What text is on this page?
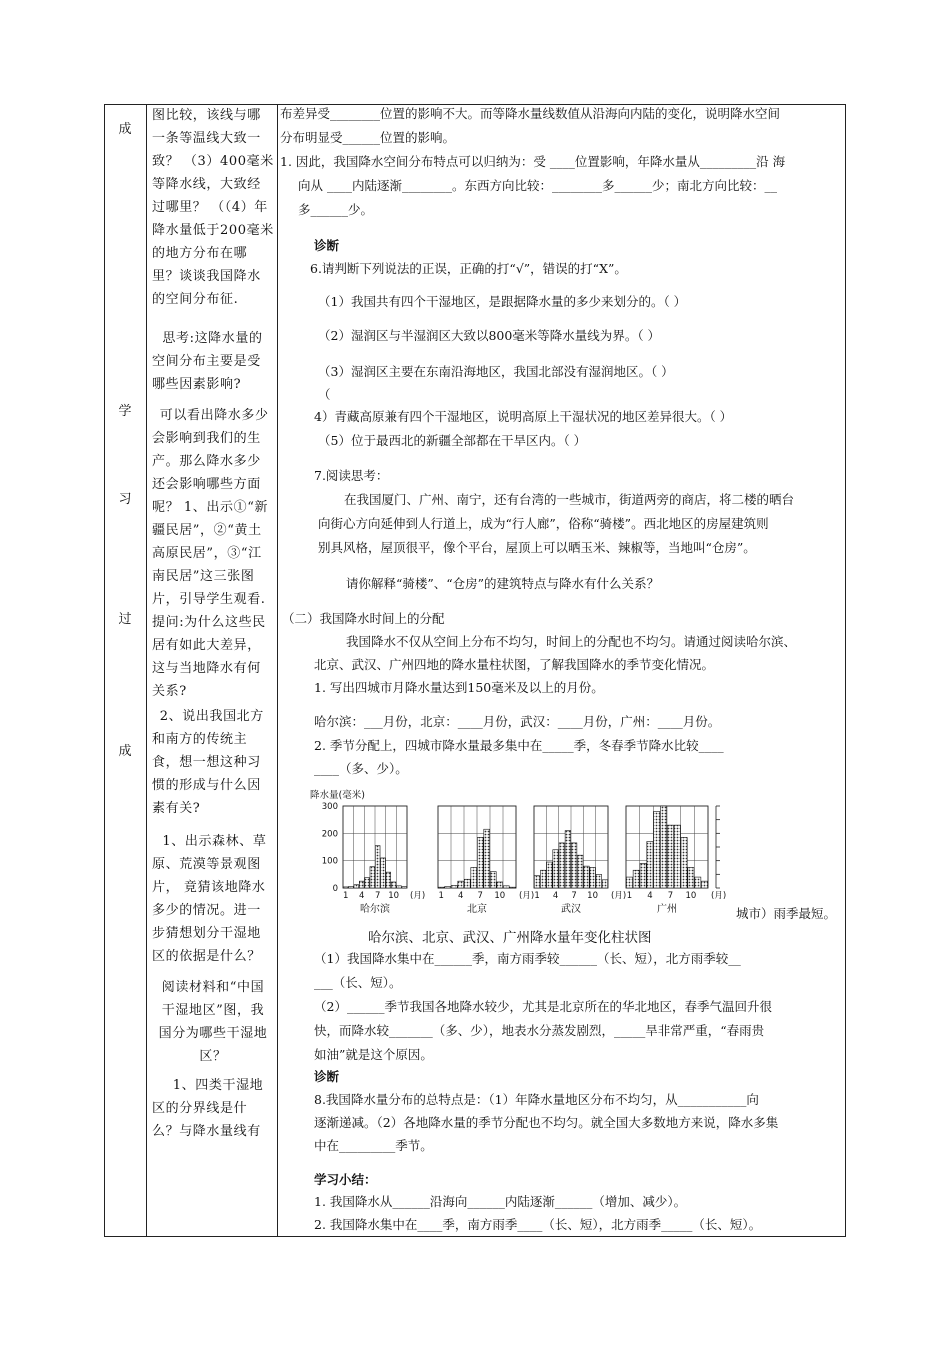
成
学
习
过
成

图比较，该线与哪一条等温线大致一致？ （3）400毫米等降水线，大致经过哪里？ （（4）年降水量低于200毫米的地方分布在哪里？谈谈我国降水的空间分布征.

思考:这降水量的空间分布主要是受哪些因素影响?

可以看出降水多少会影响到我们的生产。那么降水多少还会影响哪些方面呢？ 1、出示①“新疆民居”，②“黄土高原民居”，③“江南民居”这三张图片，引导学生观看.提问:为什么这些民居有如此大差异，这与当地降水有何关系?

2、说出我国北方和南方的传统主食，想一想这种习惯的形成与什么因素有关?

1、出示森林、草原、荒漠等景观图片， 竟猜该地降水多少的情况。进一步猜想划分干湿地区的依据是什么？

阅读材料和“中国干湿地区”图，我国分为哪些干湿地区？

1、四类干湿地区的分界线是什么？与降水量线有

布差异受________位置的影响不大。而等降水量线数值从沿海向内陆的变化，说明降水空间
分布明显受______位置的影响。
1. 因此，我国降水空间分布特点可以归纳为：受 ____位置影响，年降水量从_________沿 海
向从 ____内陆逐渐________。东西方向比较：________多______少；南北方向比较：__
多______少。
诊断
6.请判断下列说法的正误，正确的打“√”，错误的打“X”。
（1）我国共有四个干湿地区，是跟据降水量的多少来划分的。（ ）
（2）湿润区与半湿润区大致以800毫米等降水量线为界。（ ）
（3）湿润区主要在东南沿海地区，我国北部没有湿润地区。（ ）
（
4）青藏高原兼有四个干湿地区，说明高原上干湿状况的地区差异很大。（ ）
（5）位于最西北的新疆全部都在干旱区内。（ ）
7.阅读思考：
在我国厦门、广州、南宁，还有台湾的一些城市，街道两旁的商店，将二楼的晒台
向街心方向延伸到人行道上，成为“行人廊”，俗称“骑楼”。西北地区的房屋建筑则
别具风格，屋顶很平，像个平台，屋顶上可以晒玉米、辣椒等，当地叫“仓房”。
请你解释“骑楼”、“仓房”的建筑特点与降水有什么关系？
（二）我国降水时间上的分配
我国降水不仅从空间上分布不均匀，时间上的分配也不均匀。请通过阅读哈尔滨、
北京、武汉、广州四地的降水量柱状图，了解我国降水的季节变化情况。
1. 写出四城市月降水量达到150毫米及以上的月份。
哈尔滨：___月份，北京：____月份，武汉：____月份，广州：____月份。
2. 季节分配上，四城市降水量最多集中在_____季，冬春季节降水比较____
____（多、少）。
城市）雨季最短。
哈尔滨、北京、武汉、广州降水量年变化柱状图
（1）我国降水集中在______季，南方雨季较______（长、短），北方雨季较__
___（长、短）。
（2）______季节我国各地降水较少，尤其是北京所在的华北地区，春季气温回升很
快，而降水较_______（多、少），地表水分蒸发剧烈，_____旱非常严重，“春雨贵
如油”就是这个原因。
诊断
8.我国降水量分布的总特点是：（1）年降水量地区分布不均匀，从___________向
逐渐递减。（2）各地降水量的季节分配也不均匀。就全国大多数地方来说，降水多集
中在_________季节。
学习小结：
1. 我国降水从______沿海向______内陆逐渐______（增加、减少）。
2. 我国降水集中在____季，南方雨季____（长、短），北方雨季_____（长、短）。
降水量(毫米)
300
200
100
0
1 4 7 10 (月)
哈尔滨
1 4 7 10 (月)
北京
1 4 7 10 (月)
武汉
1 4 7 10 (月)
广州
